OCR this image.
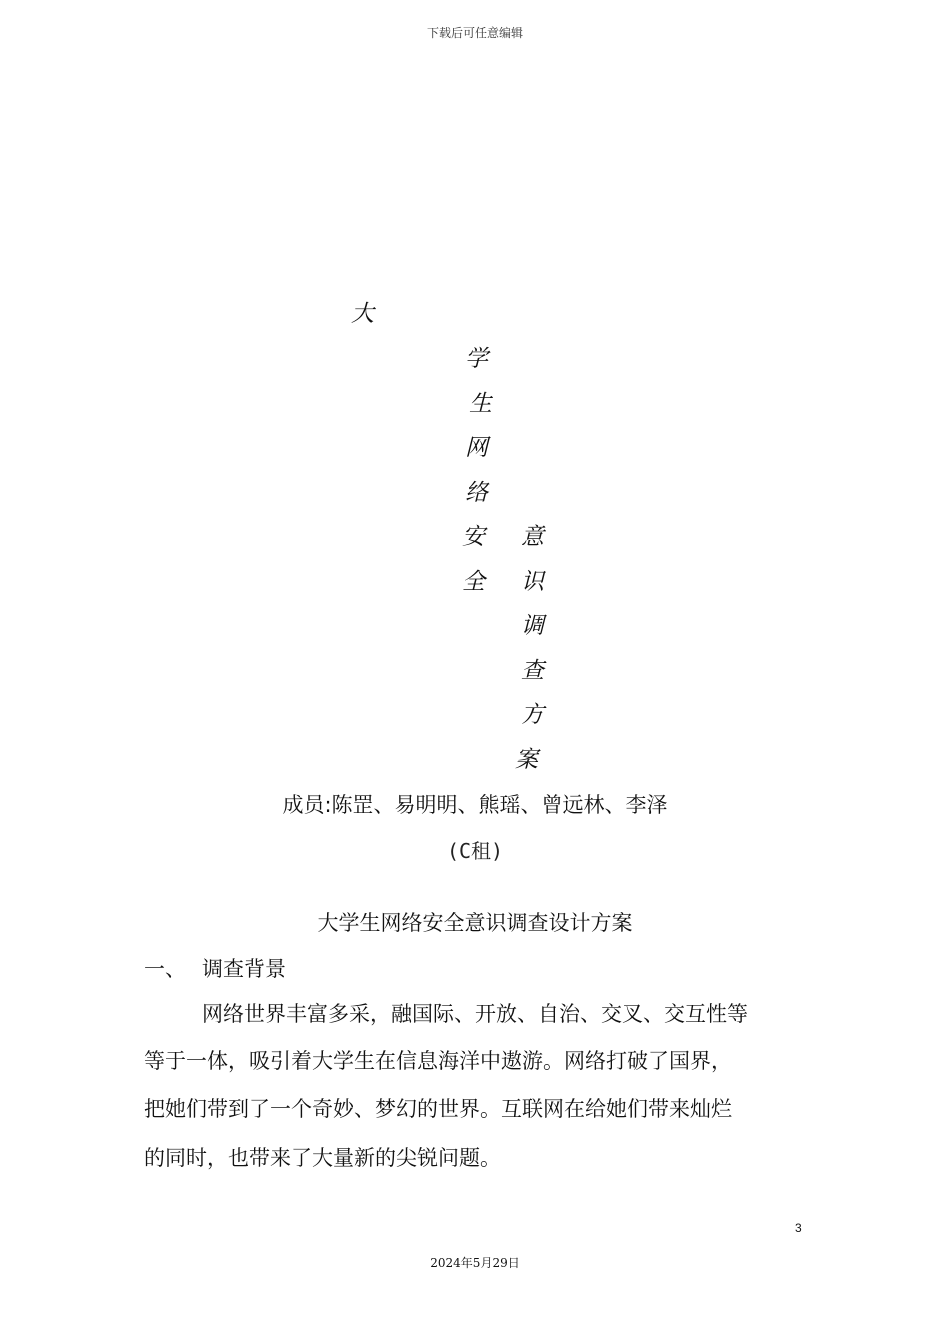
下载后可任意编辑
大
学
生
网
络
安
全
意
识
调
查
方
案
成员:陈罡、易明明、熊瑶、曾远林、李泽
(C租)
大学生网络安全意识调查设计方案
一、 调查背景
网络世界丰富多采，融国际、开放、自治、交叉、交互性等
等于一体，吸引着大学生在信息海洋中遨游。网络打破了国界，
把她们带到了一个奇妙、梦幻的世界。互联网在给她们带来灿烂
的同时，也带来了大量新的尖锐问题。
3
2024年5月29日
